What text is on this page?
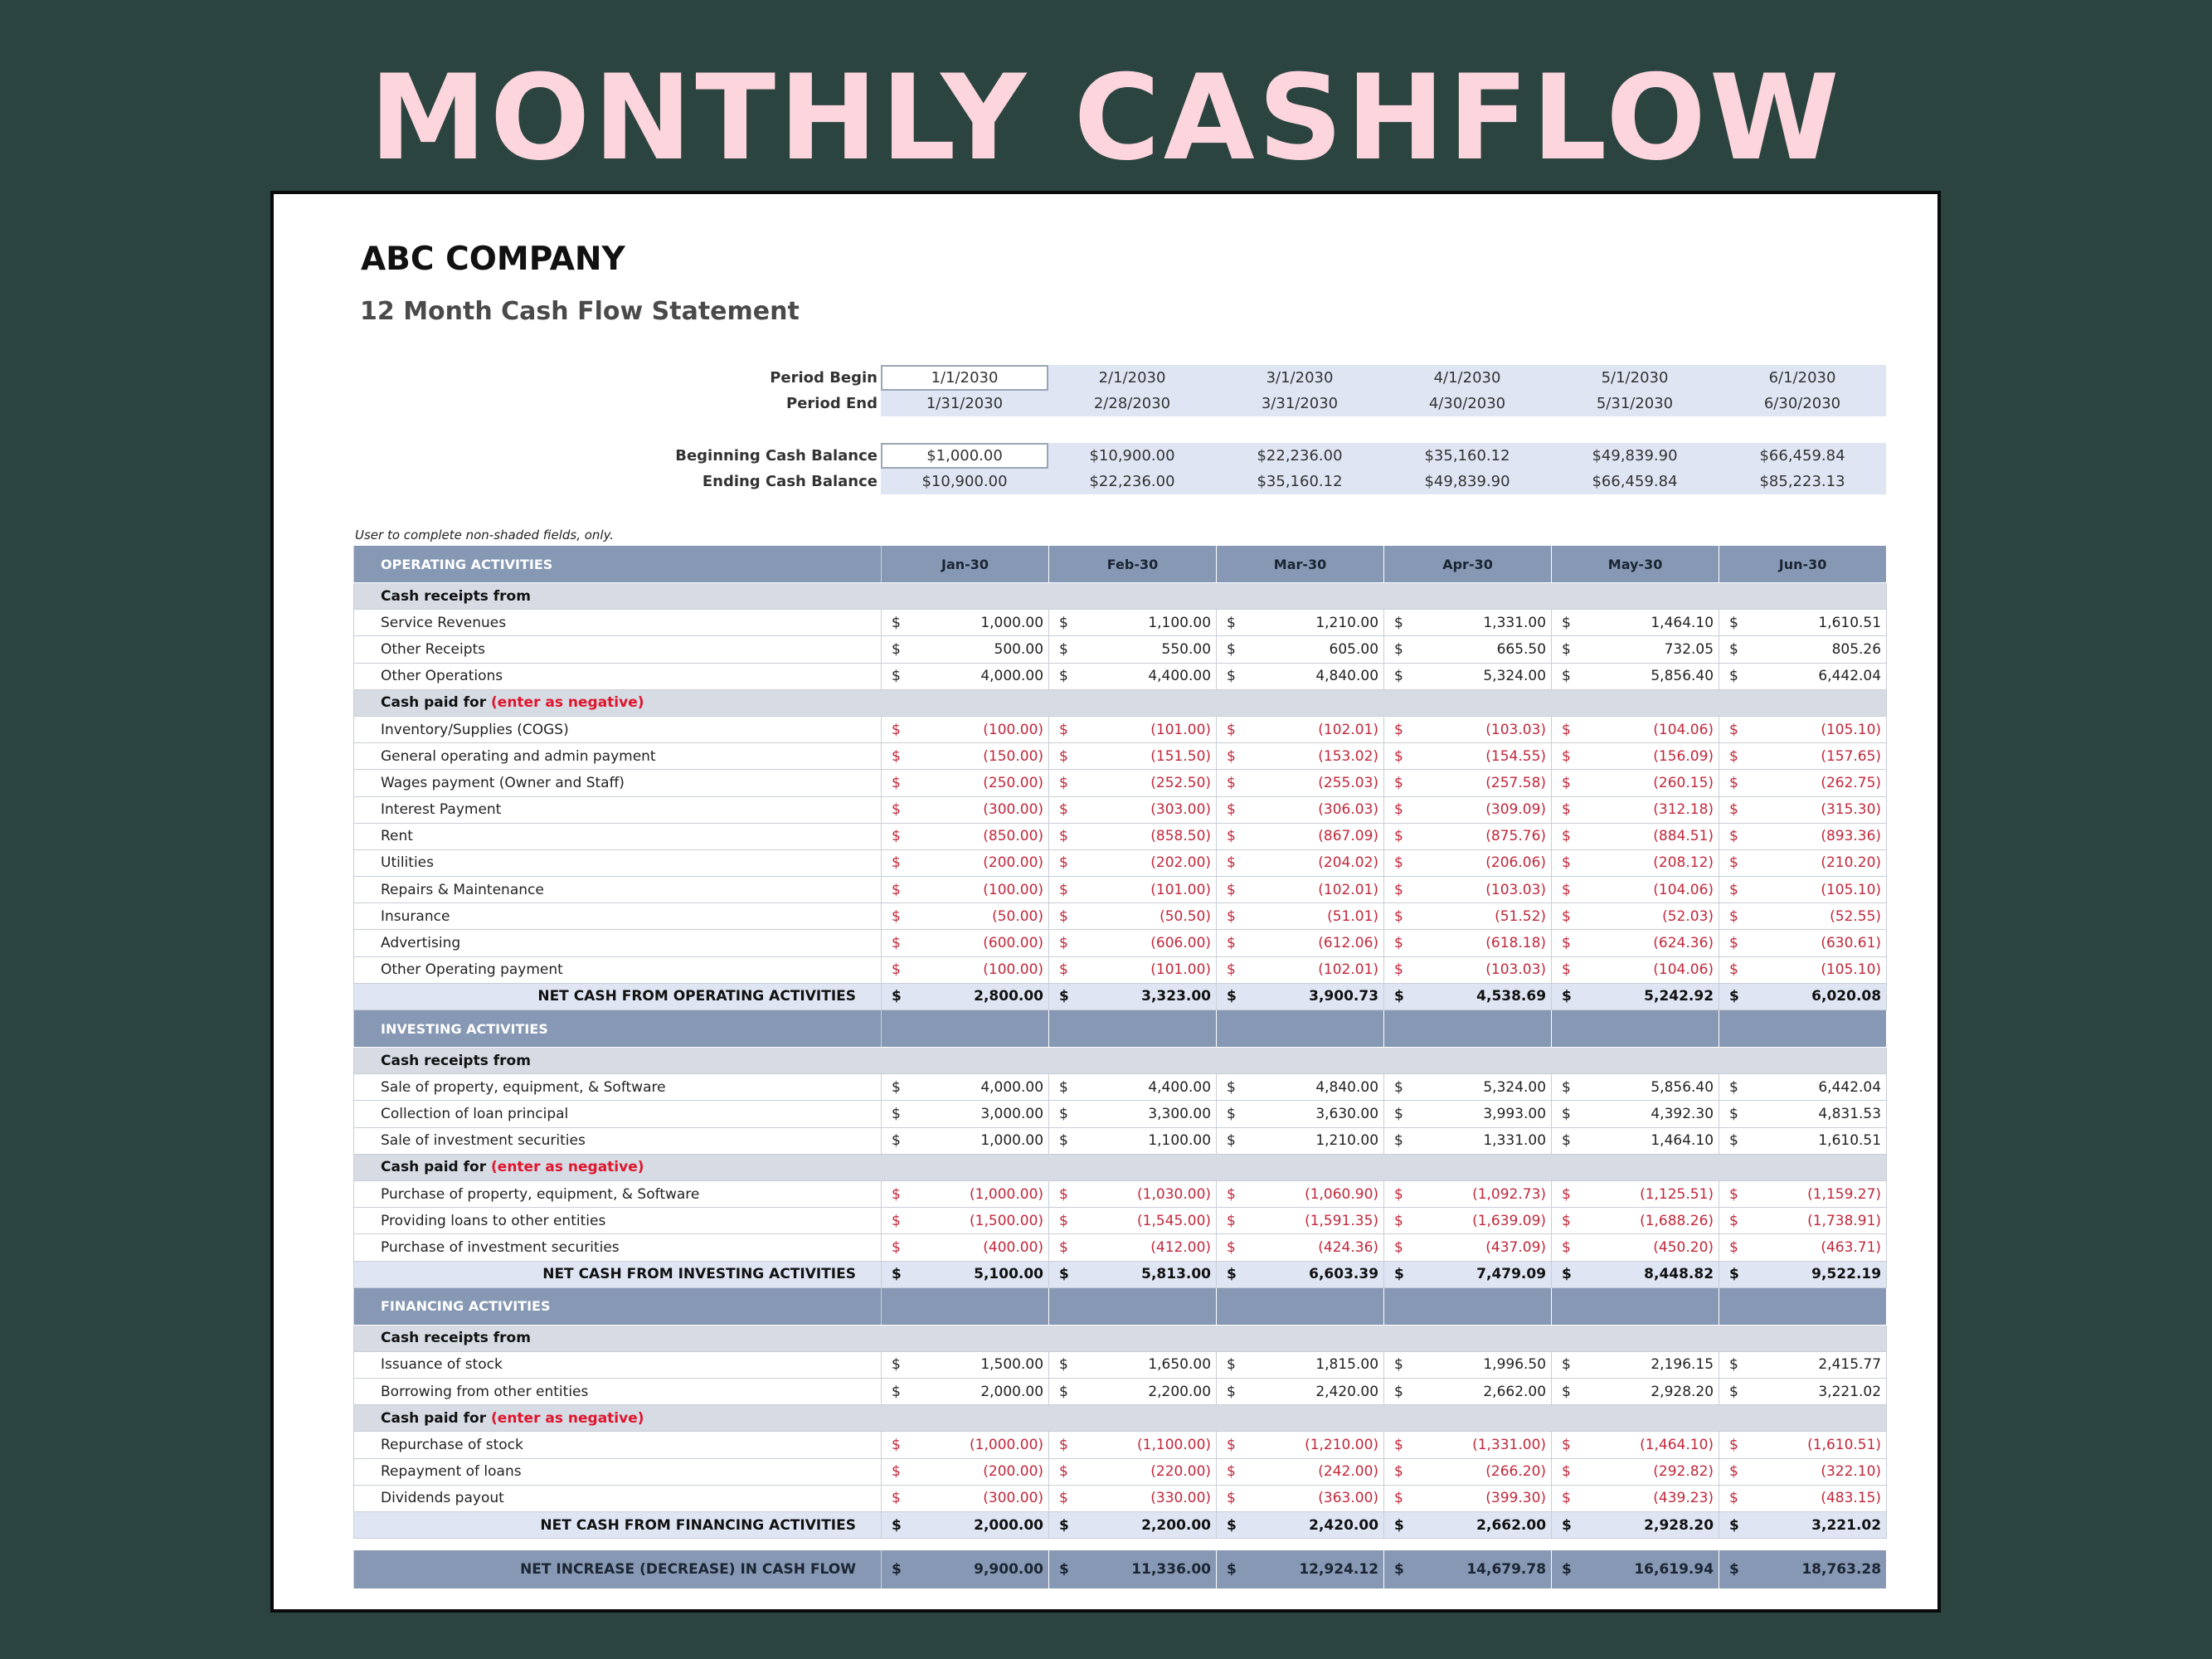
MONTHLY CASHFLOW
ABC COMPANY
12 Month Cash Flow Statement
Period Begin	1/1/2030	2/1/2030	3/1/2030	4/1/2030	5/1/2030	6/1/2030
Period End	1/31/2030	2/28/2030	3/31/2030	4/30/2030	5/31/2030	6/30/2030

Beginning Cash Balance	$1,000.00	$10,900.00	$22,236.00	$35,160.12	$49,839.90	$66,459.84
Ending Cash Balance	$10,900.00	$22,236.00	$35,160.12	$49,839.90	$66,459.84	$85,223.13
User to complete non-shaded fields, only.
OPERATING ACTIVITIES	Jan-30		Feb-30		Mar-30		Apr-30		May-30		Jun-30	
Cash receipts from												
Service Revenues	$	1,000.00	$	1,100.00	$	1,210.00	$	1,331.00	$	1,464.10	$	1,610.51
Other Receipts	$	500.00	$	550.00	$	605.00	$	665.50	$	732.05	$	805.26
Other Operations	$	4,000.00	$	4,400.00	$	4,840.00	$	5,324.00	$	5,856.40	$	6,442.04
Cash paid for (enter as negative)												
Inventory/Supplies (COGS)	$	(100.00)	$	(101.00)	$	(102.01)	$	(103.03)	$	(104.06)	$	(105.10)
General operating and admin payment	$	(150.00)	$	(151.50)	$	(153.02)	$	(154.55)	$	(156.09)	$	(157.65)
Wages payment (Owner and Staff)	$	(250.00)	$	(252.50)	$	(255.03)	$	(257.58)	$	(260.15)	$	(262.75)
Interest Payment	$	(300.00)	$	(303.00)	$	(306.03)	$	(309.09)	$	(312.18)	$	(315.30)
Rent	$	(850.00)	$	(858.50)	$	(867.09)	$	(875.76)	$	(884.51)	$	(893.36)
Utilities	$	(200.00)	$	(202.00)	$	(204.02)	$	(206.06)	$	(208.12)	$	(210.20)
Repairs & Maintenance	$	(100.00)	$	(101.00)	$	(102.01)	$	(103.03)	$	(104.06)	$	(105.10)
Insurance	$	(50.00)	$	(50.50)	$	(51.01)	$	(51.52)	$	(52.03)	$	(52.55)
Advertising	$	(600.00)	$	(606.00)	$	(612.06)	$	(618.18)	$	(624.36)	$	(630.61)
Other Operating payment	$	(100.00)	$	(101.00)	$	(102.01)	$	(103.03)	$	(104.06)	$	(105.10)
NET CASH FROM OPERATING ACTIVITIES	$	2,800.00	$	3,323.00	$	3,900.73	$	4,538.69	$	5,242.92	$	6,020.08
INVESTING ACTIVITIES												
Cash receipts from												
Sale of property, equipment, & Software	$	4,000.00	$	4,400.00	$	4,840.00	$	5,324.00	$	5,856.40	$	6,442.04
Collection of loan principal	$	3,000.00	$	3,300.00	$	3,630.00	$	3,993.00	$	4,392.30	$	4,831.53
Sale of investment securities	$	1,000.00	$	1,100.00	$	1,210.00	$	1,331.00	$	1,464.10	$	1,610.51
Cash paid for (enter as negative)												
Purchase of property, equipment, & Software	$	(1,000.00)	$	(1,030.00)	$	(1,060.90)	$	(1,092.73)	$	(1,125.51)	$	(1,159.27)
Providing loans to other entities	$	(1,500.00)	$	(1,545.00)	$	(1,591.35)	$	(1,639.09)	$	(1,688.26)	$	(1,738.91)
Purchase of investment securities	$	(400.00)	$	(412.00)	$	(424.36)	$	(437.09)	$	(450.20)	$	(463.71)
NET CASH FROM INVESTING ACTIVITIES	$	5,100.00	$	5,813.00	$	6,603.39	$	7,479.09	$	8,448.82	$	9,522.19
FINANCING ACTIVITIES												
Cash receipts from												
Issuance of stock	$	1,500.00	$	1,650.00	$	1,815.00	$	1,996.50	$	2,196.15	$	2,415.77
Borrowing from other entities	$	2,000.00	$	2,200.00	$	2,420.00	$	2,662.00	$	2,928.20	$	3,221.02
Cash paid for (enter as negative)												
Repurchase of stock	$	(1,000.00)	$	(1,100.00)	$	(1,210.00)	$	(1,331.00)	$	(1,464.10)	$	(1,610.51)
Repayment of loans	$	(200.00)	$	(220.00)	$	(242.00)	$	(266.20)	$	(292.82)	$	(322.10)
Dividends payout	$	(300.00)	$	(330.00)	$	(363.00)	$	(399.30)	$	(439.23)	$	(483.15)
NET CASH FROM FINANCING ACTIVITIES	$	2,000.00	$	2,200.00	$	2,420.00	$	2,662.00	$	2,928.20	$	3,221.02

NET INCREASE (DECREASE) IN CASH FLOW	$	9,900.00	$	11,336.00	$	12,924.12	$	14,679.78	$	16,619.94	$	18,763.28
